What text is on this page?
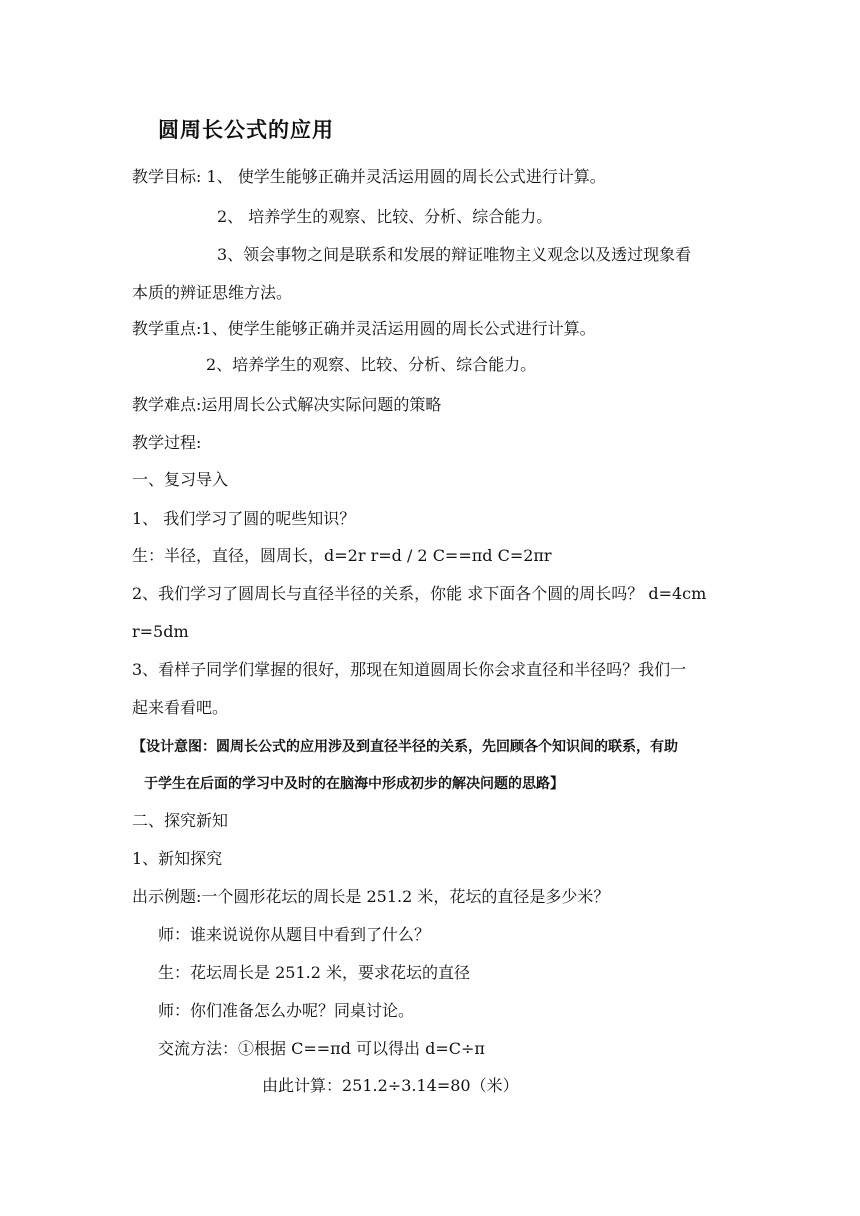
圆周长公式的应用
教学目标: 1、 使学生能够正确并灵活运用圆的周长公式进行计算。
2、 培养学生的观察、比较、分析、综合能力。
3、领会事物之间是联系和发展的辩证唯物主义观念以及透过现象看
本质的辨证思维方法。
教学重点:1、使学生能够正确并灵活运用圆的周长公式进行计算。
2、培养学生的观察、比较、分析、综合能力。
教学难点:运用周长公式解决实际问题的策略
教学过程:
一、复习导入
1、 我们学习了圆的呢些知识？
生：半径，直径，圆周长，d=2r r=d / 2 C==πd C=2πr
2、我们学习了圆周长与直径半径的关系，你能 求下面各个圆的周长吗？ d=4cm
r=5dm
3、看样子同学们掌握的很好，那现在知道圆周长你会求直径和半径吗？我们一
起来看看吧。
【设计意图：圆周长公式的应用涉及到直径半径的关系，先回顾各个知识间的联系，有助
于学生在后面的学习中及时的在脑海中形成初步的解决问题的思路】
二、探究新知
1、新知探究
出示例题:一个圆形花坛的周长是 251.2 米，花坛的直径是多少米？
师：谁来说说你从题目中看到了什么？
生：花坛周长是 251.2 米，要求花坛的直径
师：你们准备怎么办呢？同桌讨论。
交流方法：①根据 C==πd 可以得出 d=C÷π
由此计算：251.2÷3.14=80（米）
